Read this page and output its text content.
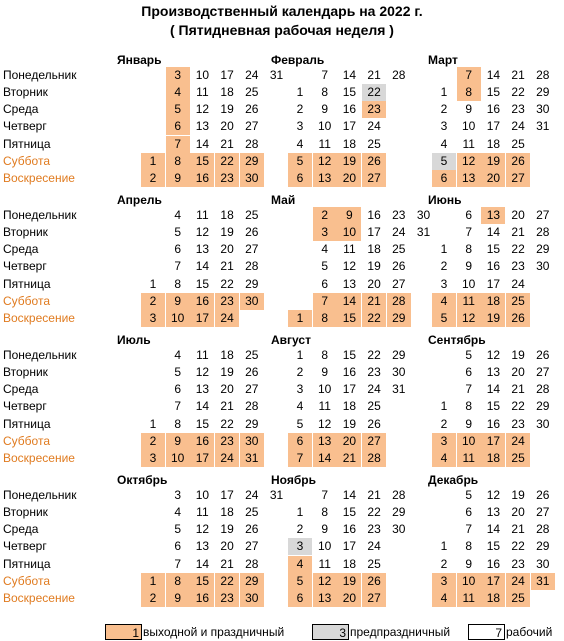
Производственный календарь на 2022 г.
( Пятидневная рабочая неделя )
Понедельник
Вторник
Среда
Четверг
Пятница
Суббота
Воскресение
Понедельник
Вторник
Среда
Четверг
Пятница
Суббота
Воскресение
Понедельник
Вторник
Среда
Четверг
Пятница
Суббота
Воскресение
Понедельник
Вторник
Среда
Четверг
Пятница
Суббота
Воскресение
Январь
1
2
3
4
5
6
7
8
9
10
11
12
13
14
15
16
17
18
19
20
21
22
23
24
25
26
27
28
29
30
31
Февраль
1
2
3
4
5
6
7
8
9
10
11
12
13
14
15
16
17
18
19
20
21
22
23
24
25
26
27
28
Март
1
2
3
4
5
6
7
8
9
10
11
12
13
14
15
16
17
18
19
20
21
22
23
24
25
26
27
28
29
30
31
Апрель
1
2
3
4
5
6
7
8
9
10
11
12
13
14
15
16
17
18
19
20
21
22
23
24
25
26
27
28
29
30
Май
1
2
3
4
5
6
7
8
9
10
11
12
13
14
15
16
17
18
19
20
21
22
23
24
25
26
27
28
29
30
31
Июнь
1
2
3
4
5
6
7
8
9
10
11
12
13
14
15
16
17
18
19
20
21
22
23
24
25
26
27
28
29
30
Июль
1
2
3
4
5
6
7
8
9
10
11
12
13
14
15
16
17
18
19
20
21
22
23
24
25
26
27
28
29
30
31
Август
1
2
3
4
5
6
7
8
9
10
11
12
13
14
15
16
17
18
19
20
21
22
23
24
25
26
27
28
29
30
31
Сентябрь
1
2
3
4
5
6
7
8
9
10
11
12
13
14
15
16
17
18
19
20
21
22
23
24
25
26
27
28
29
30
Октябрь
1
2
3
4
5
6
7
8
9
10
11
12
13
14
15
16
17
18
19
20
21
22
23
24
25
26
27
28
29
30
31
Ноябрь
1
2
3
4
5
6
7
8
9
10
11
12
13
14
15
16
17
18
19
20
21
22
23
24
25
26
27
28
29
30
Декабрь
1
2
3
4
5
6
7
8
9
10
11
12
13
14
15
16
17
18
19
20
21
22
23
24
25
26
27
28
29
30
31
1 выходной и праздничный	3 предпраздничный	7 рабочий
